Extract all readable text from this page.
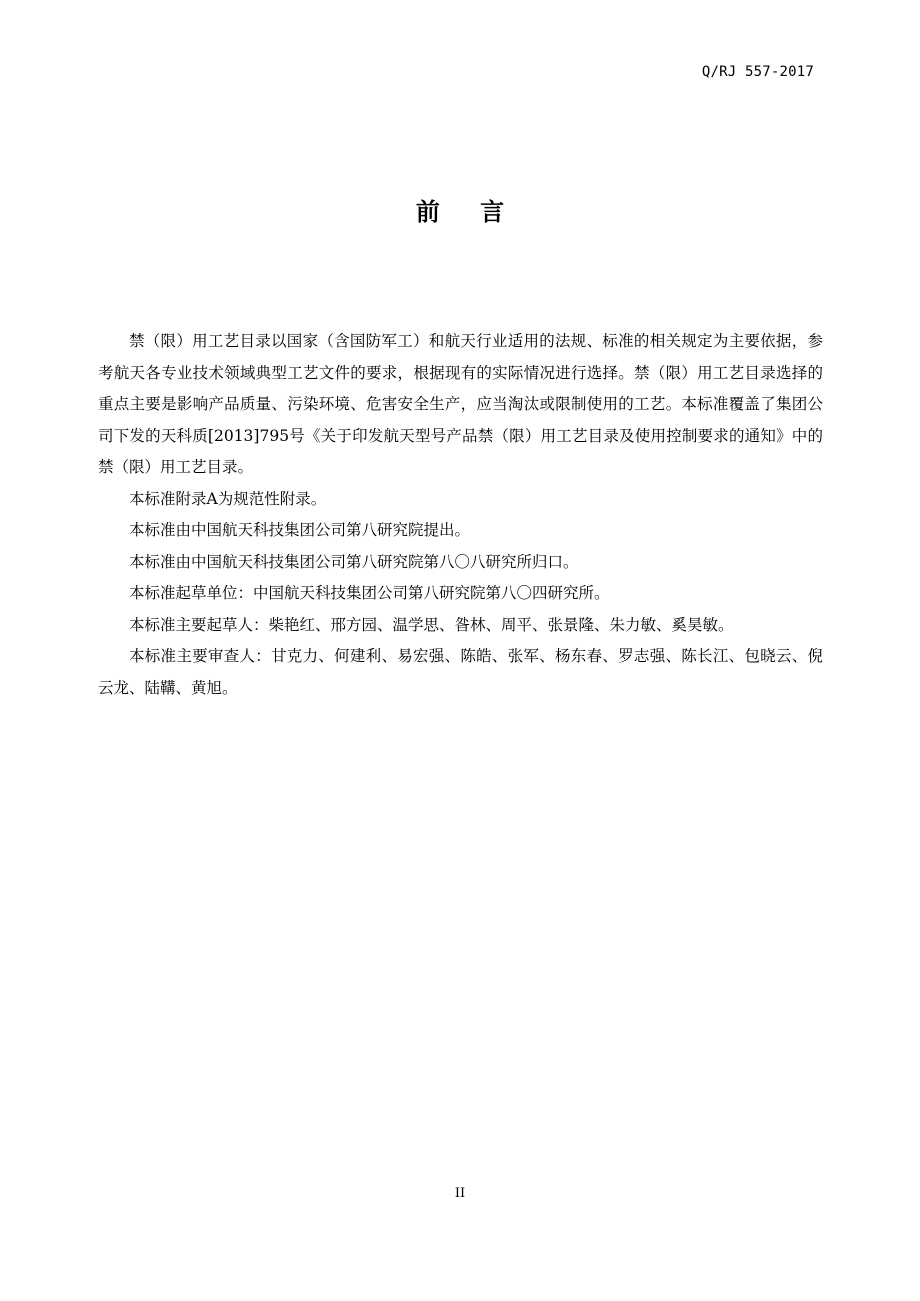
Q/RJ 557-2017
前 言

禁（限）用工艺目录以国家（含国防军工）和航天行业适用的法规、标准的相关规定为主要依据，参考航天各专业技术领域典型工艺文件的要求，根据现有的实际情况进行选择。禁（限）用工艺目录选择的重点主要是影响产品质量、污染环境、危害安全生产，应当淘汰或限制使用的工艺。本标准覆盖了集团公司下发的天科质[2013]795号《关于印发航天型号产品禁（限）用工艺目录及使用控制要求的通知》中的禁（限）用工艺目录。

本标准附录A为规范性附录。

本标准由中国航天科技集团公司第八研究院提出。

本标准由中国航天科技集团公司第八研究院第八〇八研究所归口。

本标准起草单位：中国航天科技集团公司第八研究院第八〇四研究所。

本标准主要起草人：柴艳红、邢方园、温学思、昝林、周平、张景隆、朱力敏、奚昊敏。

本标准主要审查人：甘克力、何建利、易宏强、陈皓、张军、杨东春、罗志强、陈长江、包晓云、倪云龙、陆鞲、黄旭。

II
